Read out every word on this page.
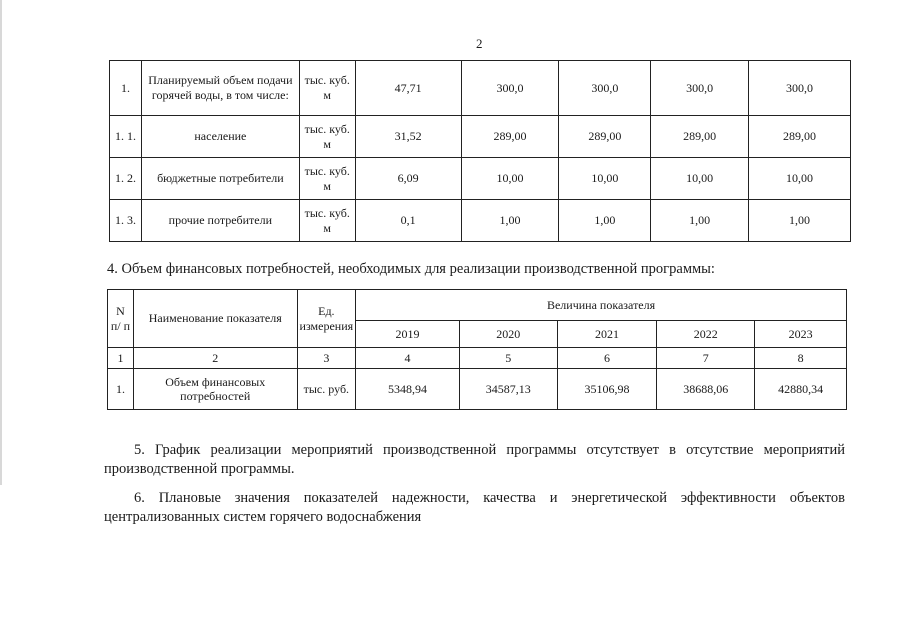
2
1.	Планируемый объем подачи горячей воды, в том числе:	тыс. куб. м	47,71	300,0	300,0	300,0	300,0
1. 1.	население	тыс. куб. м	31,52	289,00	289,00	289,00	289,00
1. 2.	бюджетные потребители	тыс. куб. м	6,09	10,00	10,00	10,00	10,00
1. 3.	прочие потребители	тыс. куб. м	0,1	1,00	1,00	1,00	1,00
4. Объем финансовых потребностей, необходимых для реализации производственной программы:
N п/ п	Наименование показателя	Ед. измерения	Величина показателя				
			2019	2020	2021	2022	2023
1	2	3	4	5	6	7	8
1.	Объем финансовых потребностей	тыс. руб.	5348,94	34587,13	35106,98	38688,06	42880,34
5. График реализации мероприятий производственной программы отсутствует в отсутствие мероприятий производственной программы.
6. Плановые значения показателей надежности, качества и энергетической эффективности объектов централизованных систем горячего водоснабжения
